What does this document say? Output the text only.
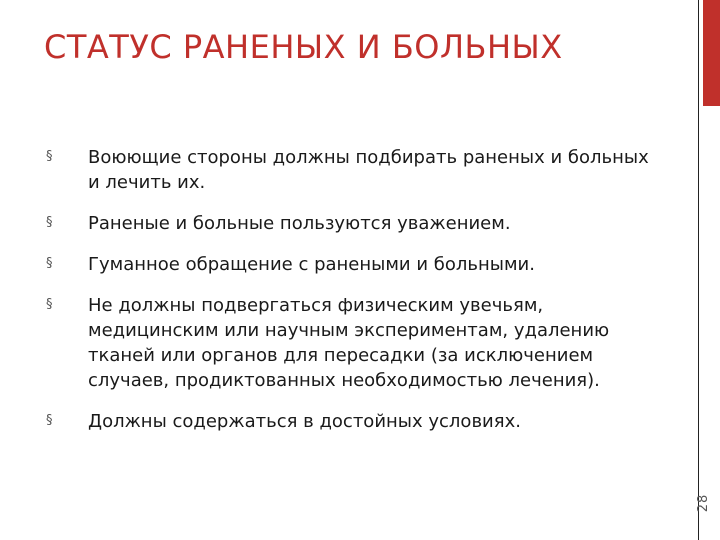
СТАТУС РАНЕНЫХ И БОЛЬНЫХ
§ Воюющие стороны должны подбирать раненых и больных и лечить их.
§ Раненые и больные пользуются уважением.
§ Гуманное обращение с ранеными и больными.
§ Не должны подвергаться физическим увечьям, медицинским или научным экспериментам, удалению тканей или органов для пересадки (за исключением случаев, продиктованных необходимостью лечения).
§ Должны содержаться в достойных условиях.
28
